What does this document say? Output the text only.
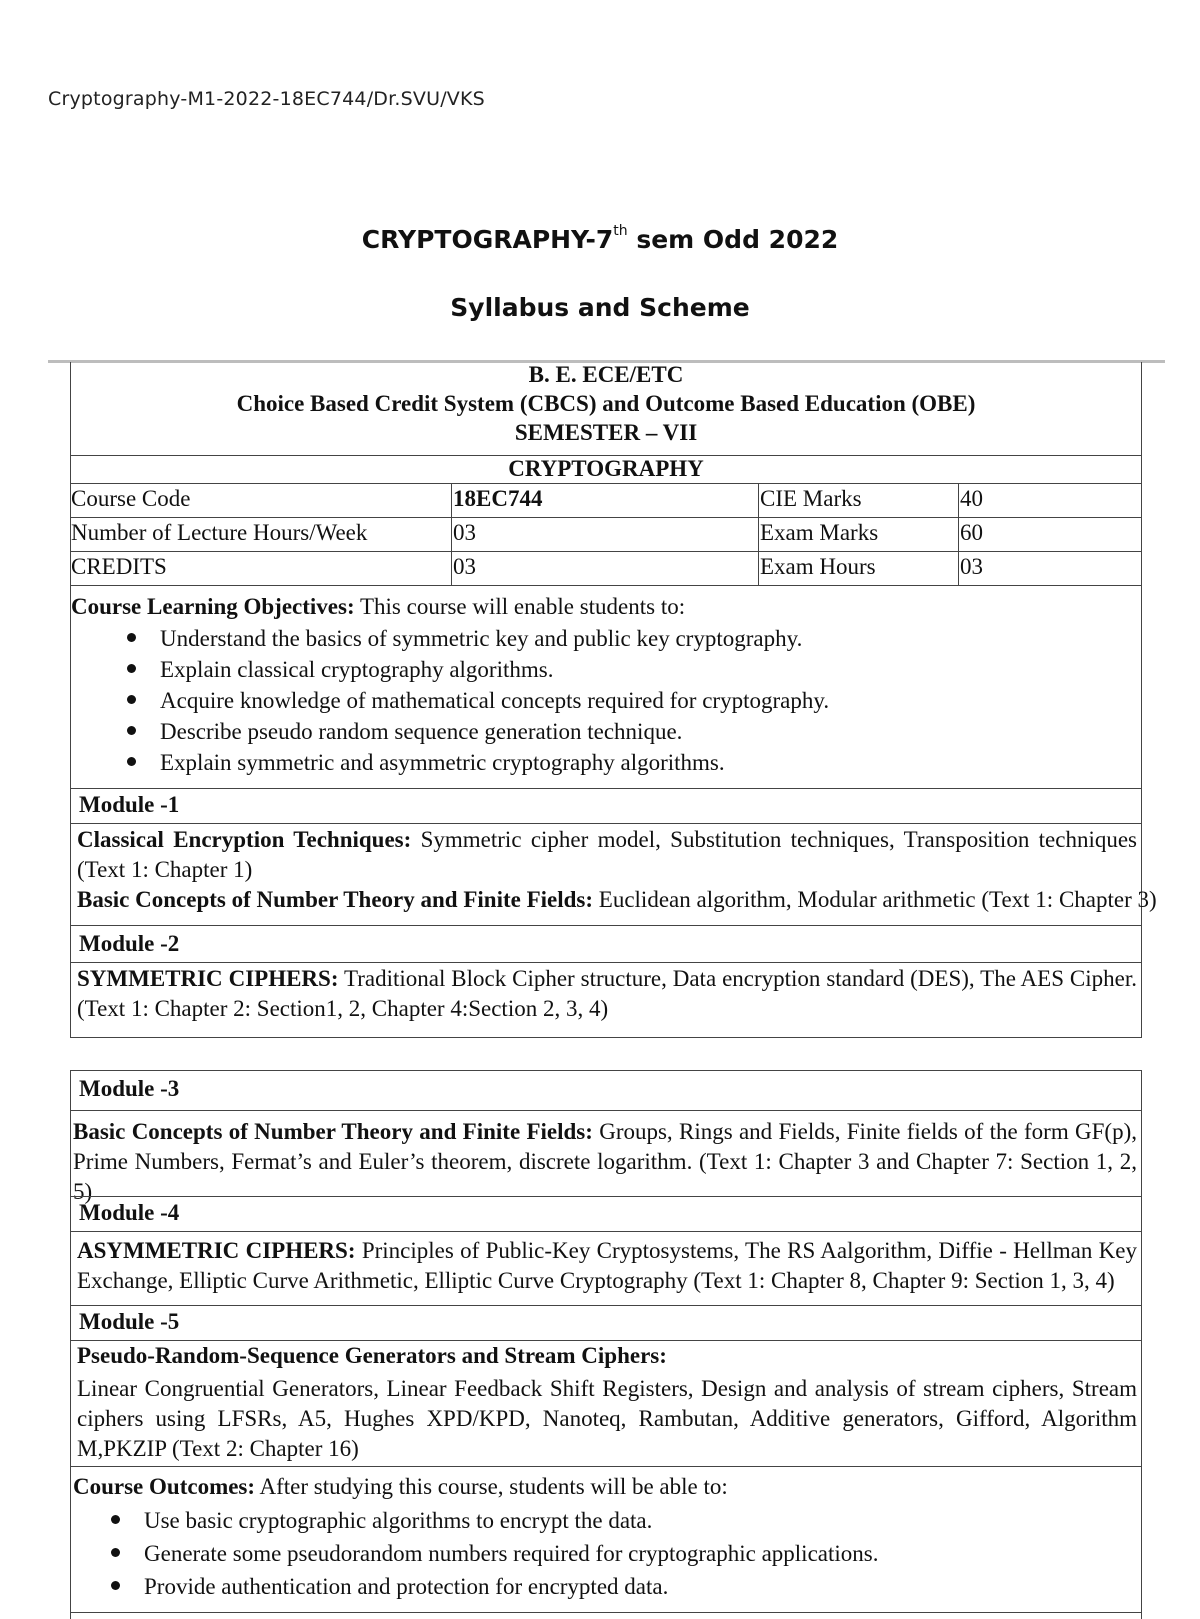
Cryptography-M1-2022-18EC744/Dr.SVU/VKS
CRYPTOGRAPHY-7th sem Odd 2022
Syllabus and Scheme
B. E. ECE/ETC
Choice Based Credit System (CBCS) and Outcome Based Education (OBE)
SEMESTER – VII
CRYPTOGRAPHY
Course Code	18EC744	CIE Marks	40
Number of Lecture Hours/Week	03	Exam Marks	60
CREDITS	03	Exam Hours	03
Course Learning Objectives: This course will enable students to:
Understand the basics of symmetric key and public key cryptography.
Explain classical cryptography algorithms.
Acquire knowledge of mathematical concepts required for cryptography.
Describe pseudo random sequence generation technique.
Explain symmetric and asymmetric cryptography algorithms.
Module -1
Classical Encryption Techniques: Symmetric cipher model, Substitution techniques, Transposition techniques (Text 1: Chapter 1)
Basic Concepts of Number Theory and Finite Fields: Euclidean algorithm, Modular arithmetic (Text 1: Chapter 3)
Module -2
SYMMETRIC CIPHERS: Traditional Block Cipher structure, Data encryption standard (DES), The AES Cipher. (Text 1: Chapter 2: Section1, 2, Chapter 4:Section 2, 3, 4)
Module -3
Basic Concepts of Number Theory and Finite Fields: Groups, Rings and Fields, Finite fields of the form GF(p), Prime Numbers, Fermat’s and Euler’s theorem, discrete logarithm. (Text 1: Chapter 3 and Chapter 7: Section 1, 2, 5)
Module -4
ASYMMETRIC CIPHERS: Principles of Public-Key Cryptosystems, The RS Aalgorithm, Diffie - Hellman Key Exchange, Elliptic Curve Arithmetic, Elliptic Curve Cryptography (Text 1: Chapter 8, Chapter 9: Section 1, 3, 4)
Module -5
Pseudo-Random-Sequence Generators and Stream Ciphers:
Linear Congruential Generators, Linear Feedback Shift Registers, Design and analysis of stream ciphers, Stream ciphers using LFSRs, A5, Hughes XPD/KPD, Nanoteq, Rambutan, Additive generators, Gifford, Algorithm M,PKZIP (Text 2: Chapter 16)
Course Outcomes: After studying this course, students will be able to:
Use basic cryptographic algorithms to encrypt the data.
Generate some pseudorandom numbers required for cryptographic applications.
Provide authentication and protection for encrypted data.
